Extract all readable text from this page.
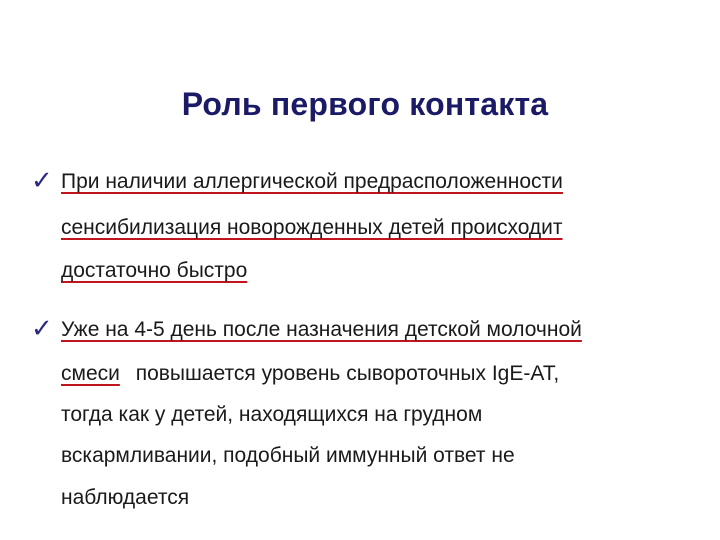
Роль первого контакта
✓ При наличии аллергической предрасположенности
сенсибилизация новорожденных детей происходит
достаточно быстро
✓ Уже на 4-5 день после назначения детской молочной
смеси повышается уровень сывороточных IgE-AT,
тогда как у детей, находящихся на грудном
вскармливании, подобный иммунный ответ не
наблюдается
